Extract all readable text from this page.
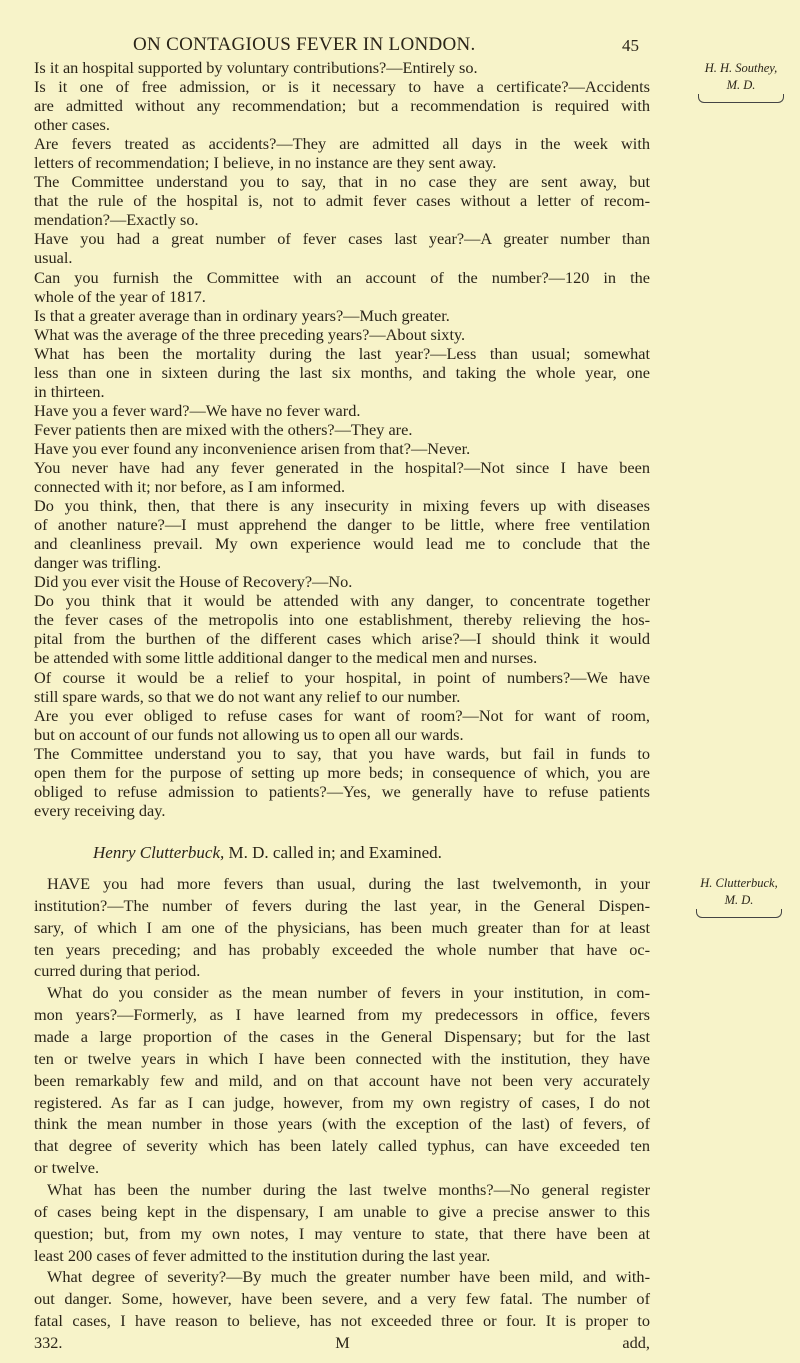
ON CONTAGIOUS FEVER IN LONDON.	45
H. H. Southey,
M. D.
Is it an hospital supported by voluntary contributions?—Entirely so.
Is it one of free admission, or is it necessary to have a certificate?—Accidents
are admitted without any recommendation; but a recommendation is required with
other cases.
Are fevers treated as accidents?—They are admitted all days in the week with
letters of recommendation; I believe, in no instance are they sent away.
The Committee understand you to say, that in no case they are sent away, but
that the rule of the hospital is, not to admit fever cases without a letter of recom-
mendation?—Exactly so.
Have you had a great number of fever cases last year?—A greater number than
usual.
Can you furnish the Committee with an account of the number?—120 in the
whole of the year of 1817.
Is that a greater average than in ordinary years?—Much greater.
What was the average of the three preceding years?—About sixty.
What has been the mortality during the last year?—Less than usual; somewhat
less than one in sixteen during the last six months, and taking the whole year, one
in thirteen.
Have you a fever ward?—We have no fever ward.
Fever patients then are mixed with the others?—They are.
Have you ever found any inconvenience arisen from that?—Never.
You never have had any fever generated in the hospital?—Not since I have been
connected with it; nor before, as I am informed.
Do you think, then, that there is any insecurity in mixing fevers up with diseases
of another nature?—I must apprehend the danger to be little, where free ventilation
and cleanliness prevail. My own experience would lead me to conclude that the
danger was trifling.
Did you ever visit the House of Recovery?—No.
Do you think that it would be attended with any danger, to concentrate together
the fever cases of the metropolis into one establishment, thereby relieving the hos-
pital from the burthen of the different cases which arise?—I should think it would
be attended with some little additional danger to the medical men and nurses.
Of course it would be a relief to your hospital, in point of numbers?—We have
still spare wards, so that we do not want any relief to our number.
Are you ever obliged to refuse cases for want of room?—Not for want of room,
but on account of our funds not allowing us to open all our wards.
The Committee understand you to say, that you have wards, but fail in funds to
open them for the purpose of setting up more beds; in consequence of which, you are
obliged to refuse admission to patients?—Yes, we generally have to refuse patients
every receiving day.
Henry Clutterbuck, M. D. called in; and Examined.
H. Clutterbuck,
M. D.
HAVE you had more fevers than usual, during the last twelvemonth, in your
institution?—The number of fevers during the last year, in the General Dispen-
sary, of which I am one of the physicians, has been much greater than for at least
ten years preceding; and has probably exceeded the whole number that have oc-
curred during that period.
What do you consider as the mean number of fevers in your institution, in com-
mon years?—Formerly, as I have learned from my predecessors in office, fevers
made a large proportion of the cases in the General Dispensary; but for the last
ten or twelve years in which I have been connected with the institution, they have
been remarkably few and mild, and on that account have not been very accurately
registered. As far as I can judge, however, from my own registry of cases, I do not
think the mean number in those years (with the exception of the last) of fevers, of
that degree of severity which has been lately called typhus, can have exceeded ten
or twelve.
What has been the number during the last twelve months?—No general register
of cases being kept in the dispensary, I am unable to give a precise answer to this
question; but, from my own notes, I may venture to state, that there have been at
least 200 cases of fever admitted to the institution during the last year.
What degree of severity?—By much the greater number have been mild, and with-
out danger. Some, however, have been severe, and a very few fatal. The number of
fatal cases, I have reason to believe, has not exceeded three or four. It is proper to
332.                                    M                                    add,
